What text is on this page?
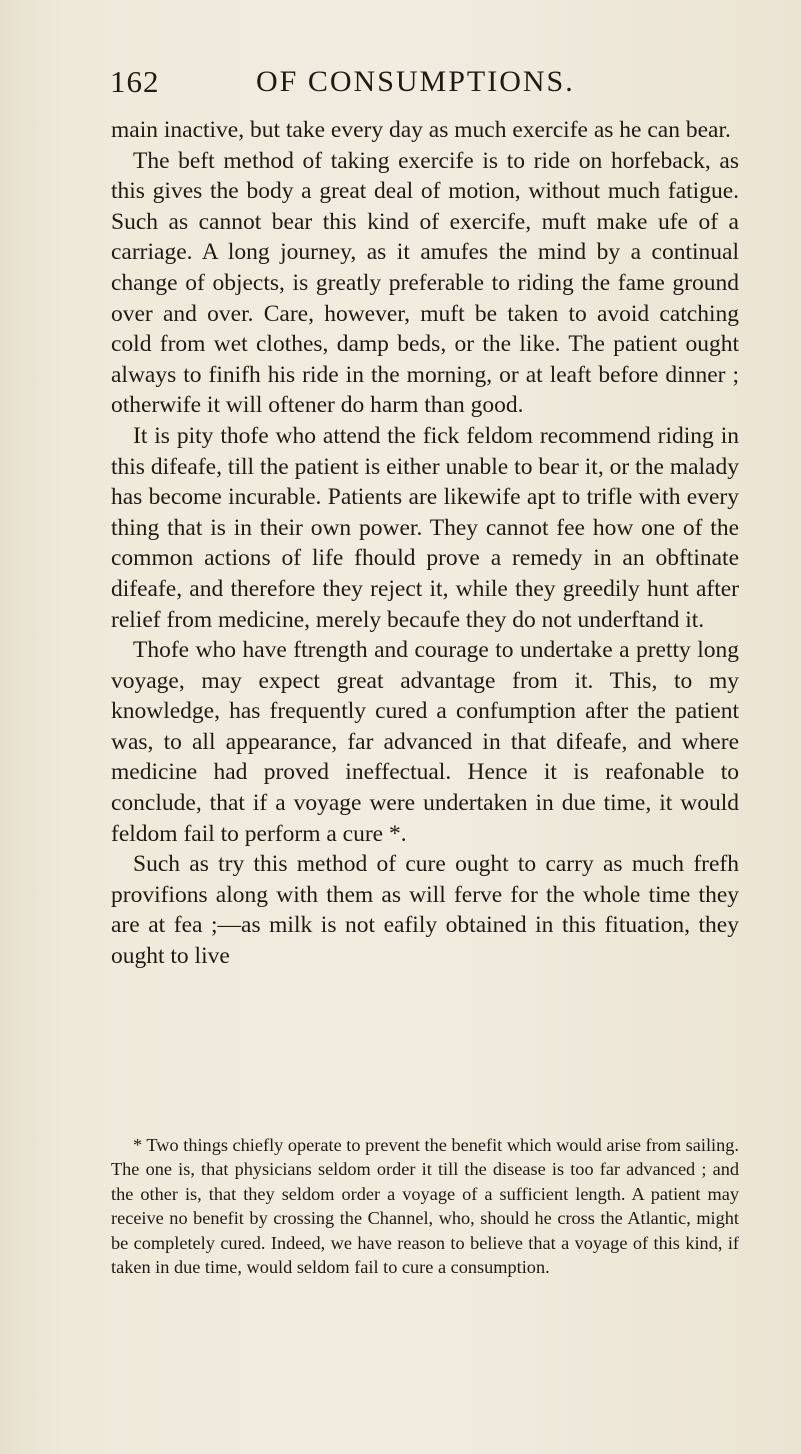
162	OF CONSUMPTIONS.

main inactive, but take every day as much exercife as he can bear.

The beft method of taking exercife is to ride on horfeback, as this gives the body a great deal of motion, without much fatigue. Such as cannot bear this kind of exercife, muft make ufe of a carriage. A long journey, as it amufes the mind by a continual change of objects, is greatly preferable to riding the fame ground over and over. Care, however, muft be taken to avoid catching cold from wet clothes, damp beds, or the like. The patient ought always to finifh his ride in the morning, or at leaft before dinner ; otherwife it will oftener do harm than good.

It is pity thofe who attend the fick feldom recommend riding in this difeafe, till the patient is either unable to bear it, or the malady has become incurable. Patients are likewife apt to trifle with every thing that is in their own power. They cannot fee how one of the common actions of life fhould prove a remedy in an obftinate difeafe, and therefore they reject it, while they greedily hunt after relief from medicine, merely becaufe they do not underftand it.

Thofe who have ftrength and courage to undertake a pretty long voyage, may expect great advantage from it. This, to my knowledge, has frequently cured a confumption after the patient was, to all appearance, far advanced in that difeafe, and where medicine had proved ineffectual. Hence it is reafonable to conclude, that if a voyage were undertaken in due time, it would feldom fail to perform a cure *.

Such as try this method of cure ought to carry as much frefh provifions along with them as will ferve for the whole time they are at fea ;—as milk is not eafily obtained in this fituation, they ought to live

* Two things chiefly operate to prevent the benefit which would arise from sailing. The one is, that physicians seldom order it till the disease is too far advanced ; and the other is, that they seldom order a voyage of a sufficient length. A patient may receive no benefit by crossing the Channel, who, should he cross the Atlantic, might be completely cured. Indeed, we have reason to believe that a voyage of this kind, if taken in due time, would seldom fail to cure a consumption.
